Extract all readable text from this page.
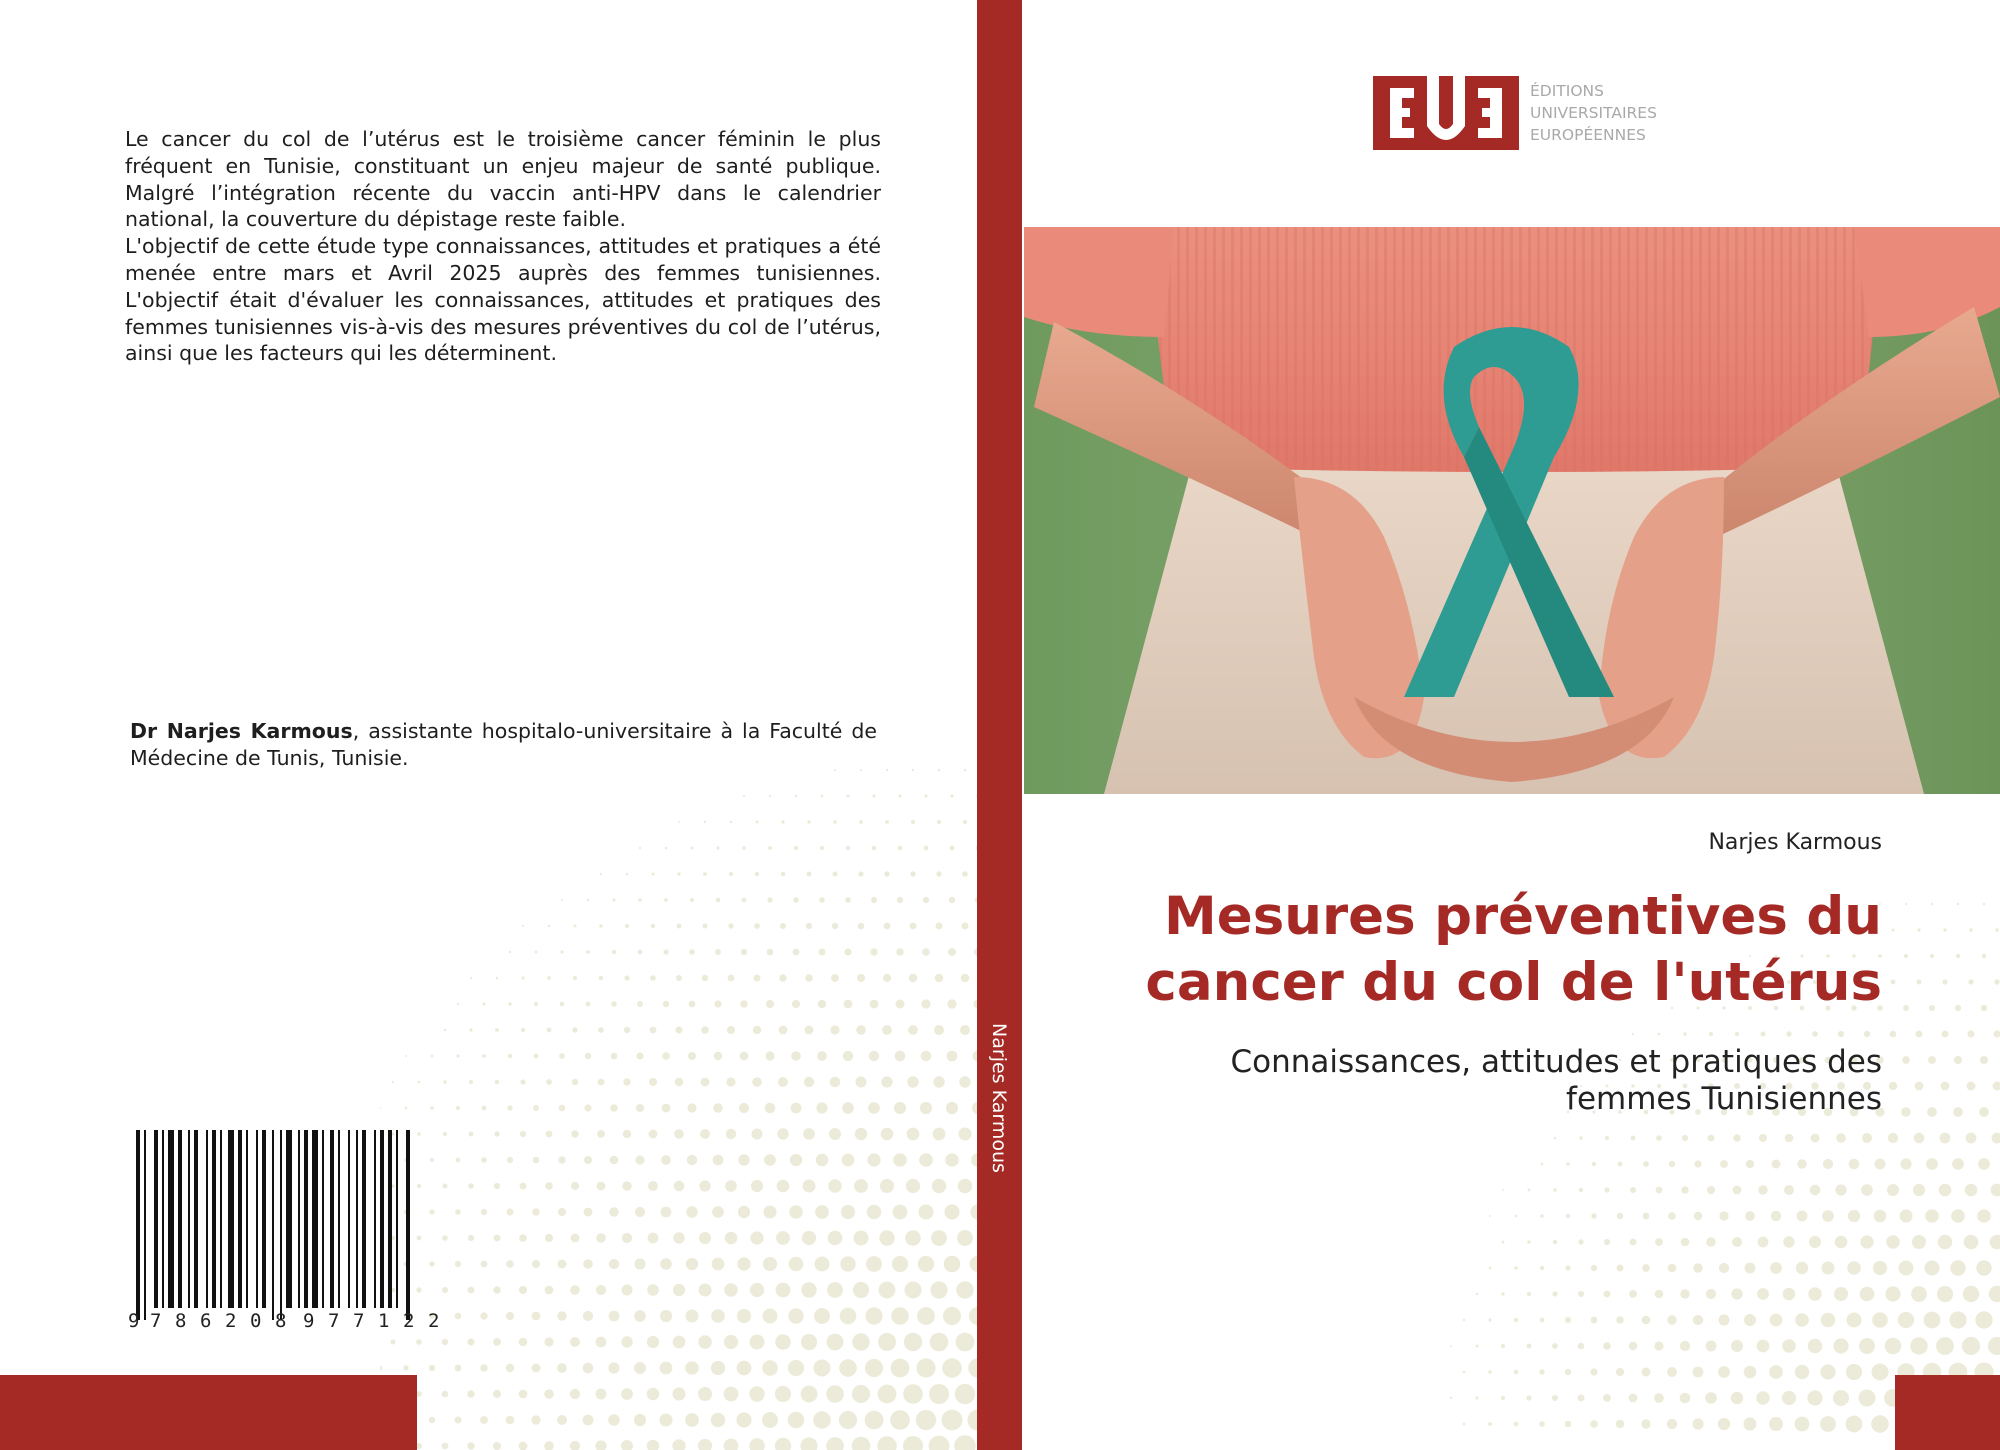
Le cancer du col de l’utérus est le troisième cancer féminin le plus fréquent en Tunisie, constituant un enjeu majeur de santé publique. Malgré l’intégration récente du vaccin anti-HPV dans le calendrier national, la couverture du dépistage reste faible.

L'objectif de cette étude type connaissances, attitudes et pratiques a été menée entre mars et Avril 2025 auprès des femmes tunisiennes. L'objectif était d'évaluer les connaissances, attitudes et pratiques des femmes tunisiennes vis-à-vis des mesures préventives du col de l’utérus, ainsi que les facteurs qui les déterminent.

Dr Narjes Karmous, assistante hospitalo-universitaire à la Faculté de Médecine de Tunis, Tunisie.
9 7 8 6 2 0 8 9 7 7 1 2 2
Narjes Karmous
ÉDITIONS
UNIVERSITAIRES
EUROPÉENNES
Narjes Karmous
Mesures préventives du
cancer du col de l'utérus
Connaissances, attitudes et pratiques des
femmes Tunisiennes
